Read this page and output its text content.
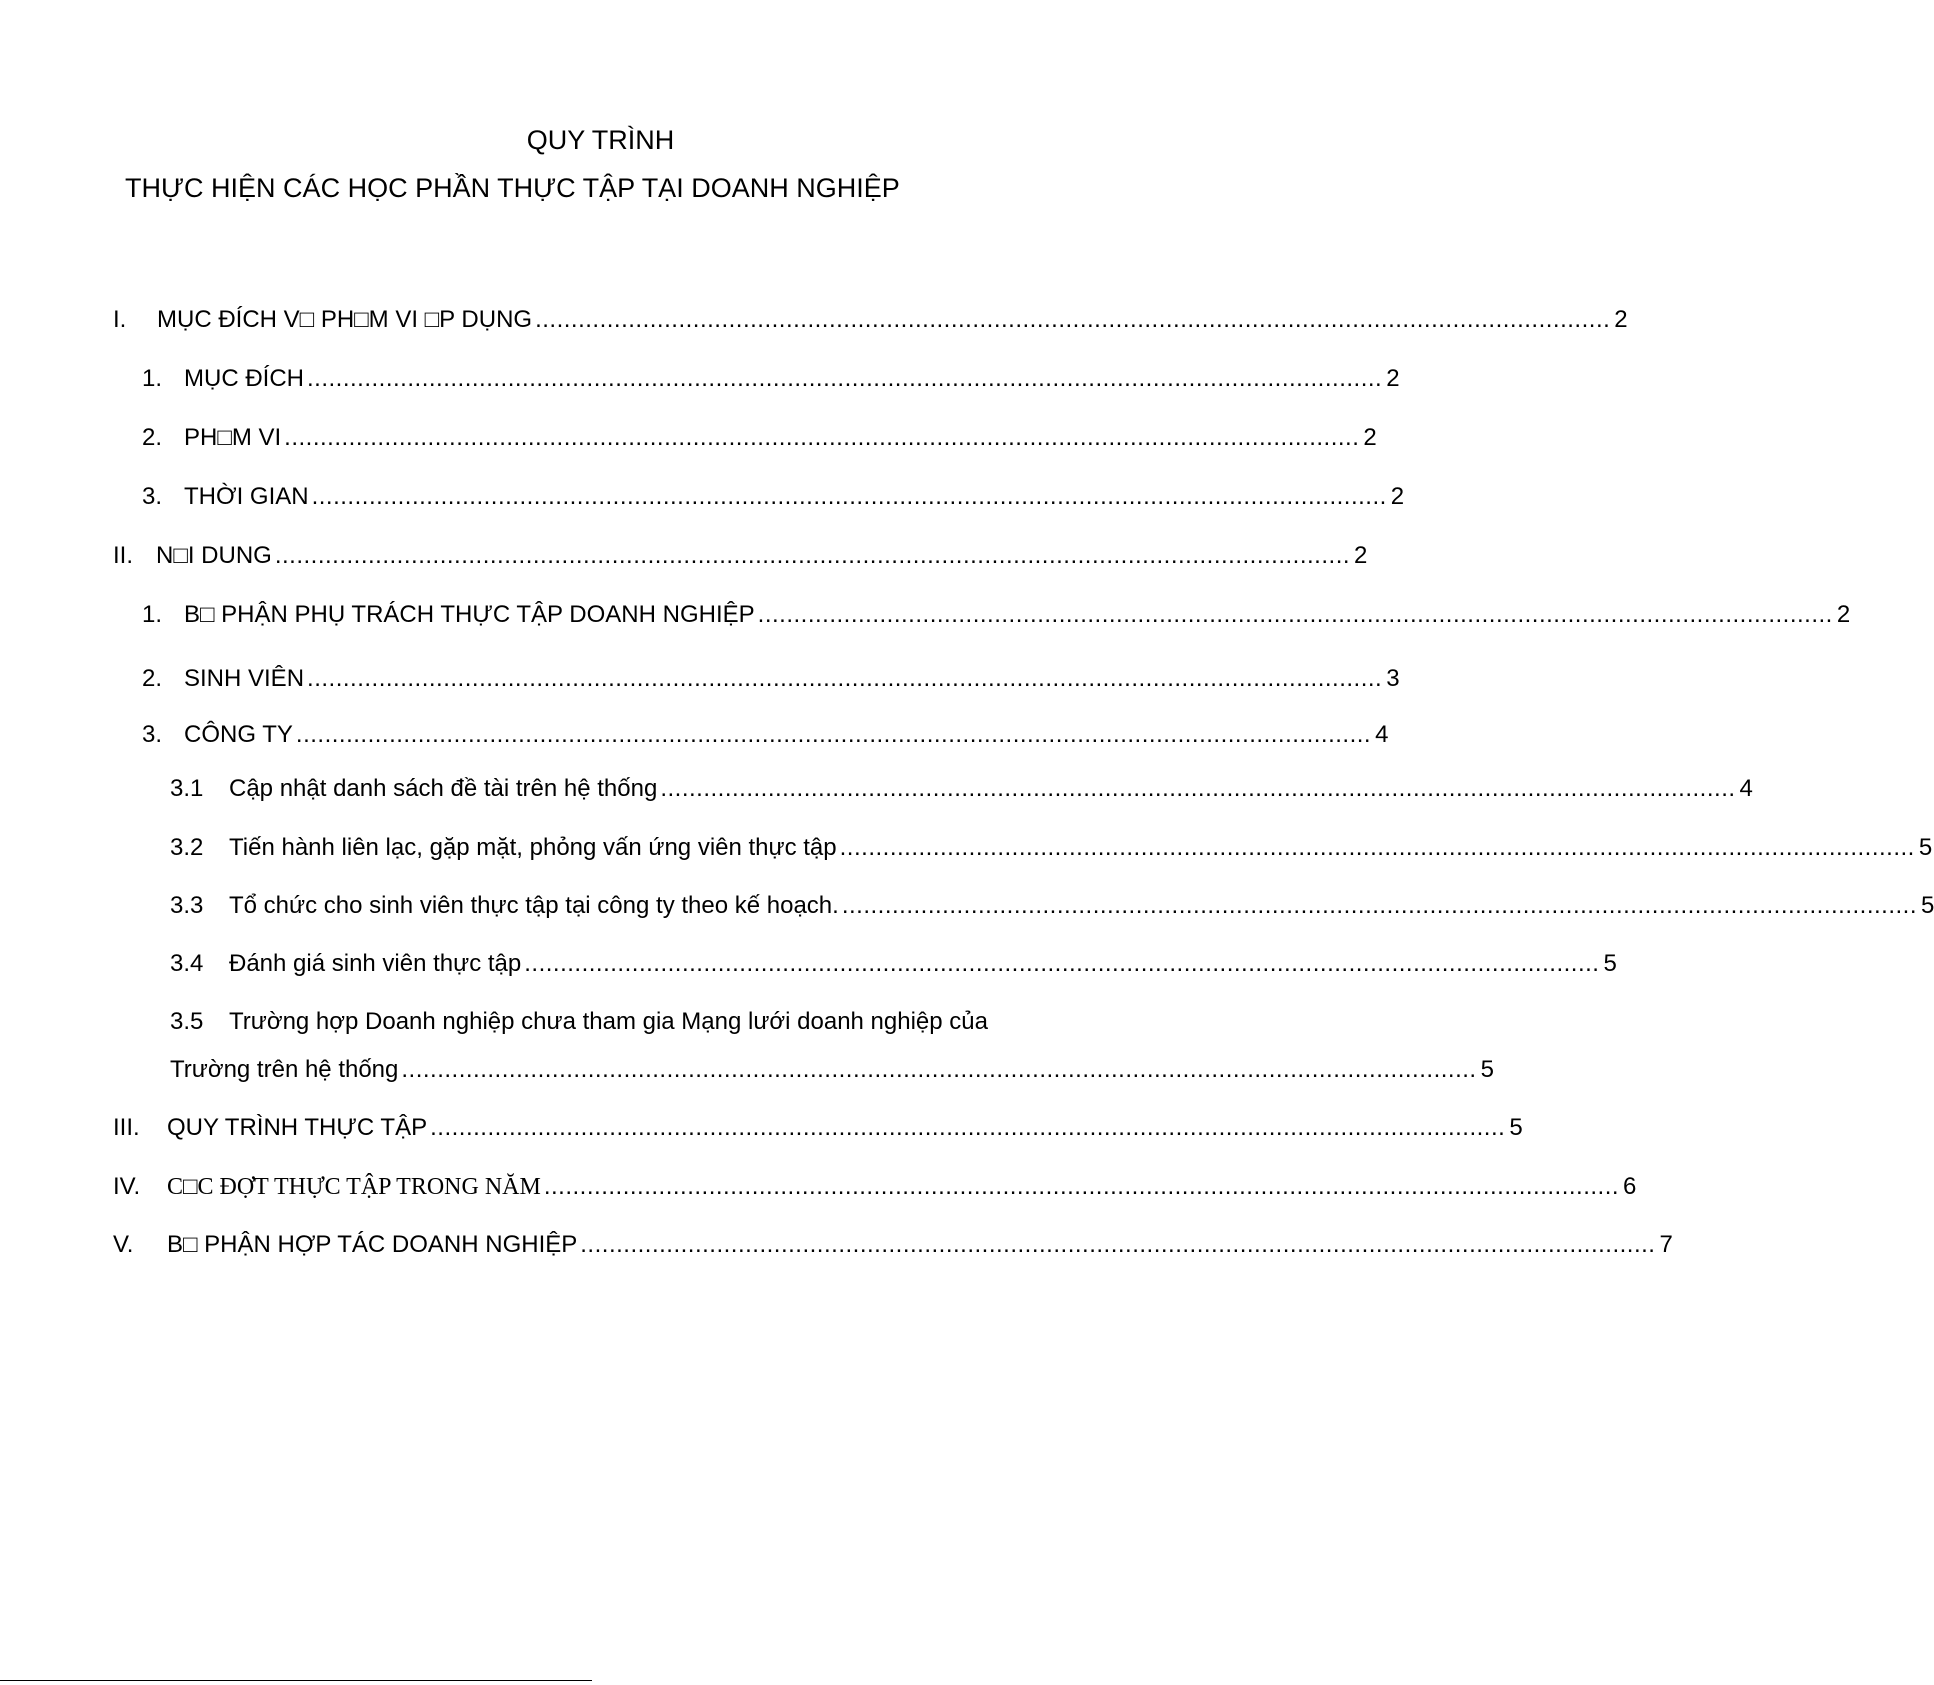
QUY TRÌNH
THỰC HIỆN CÁC HỌC PHẦN THỰC TẬP TẠI DOANH NGHIỆP
I.	MỤC ĐÍCH V□ PH□M VI □P DỤNG ...................................................................................................................................................... 2
1. MỤC ĐÍCH ...................................................................................................................................................... 2
2. PH□M VI ...................................................................................................................................................... 2
3. THỜI GIAN ...................................................................................................................................................... 2
II. N□I DUNG ...................................................................................................................................................... 2
1. B□ PHẬN PHỤ TRÁCH THỰC TẬP DOANH NGHIỆP ...................................................................................................................................................... 2
2. SINH VIÊN ...................................................................................................................................................... 3
3. CÔNG TY ...................................................................................................................................................... 4
3.1	Cập nhật danh sách đề tài trên hệ thống ...................................................................................................................................................... 4
3.2	Tiến hành liên lạc, gặp mặt, phỏng vấn ứng viên thực tập ...................................................................................................................................................... 5
3.3	Tổ chức cho sinh viên thực tập tại công ty theo kế hoạch. ...................................................................................................................................................... 5
3.4	Đánh giá sinh viên thực tập ...................................................................................................................................................... 5
3.5 Trường hợp Doanh nghiệp chưa tham gia Mạng lưới doanh nghiệp của
Trường trên hệ thống ...................................................................................................................................................... 5
III.	QUY TRÌNH THỰC TẬP ...................................................................................................................................................... 5
IV.	C□C ĐỢT THỰC TẬP TRONG NĂM ...................................................................................................................................................... 6
V.	B□ PHẬN HỢP TÁC DOANH NGHIỆP ...................................................................................................................................................... 7
